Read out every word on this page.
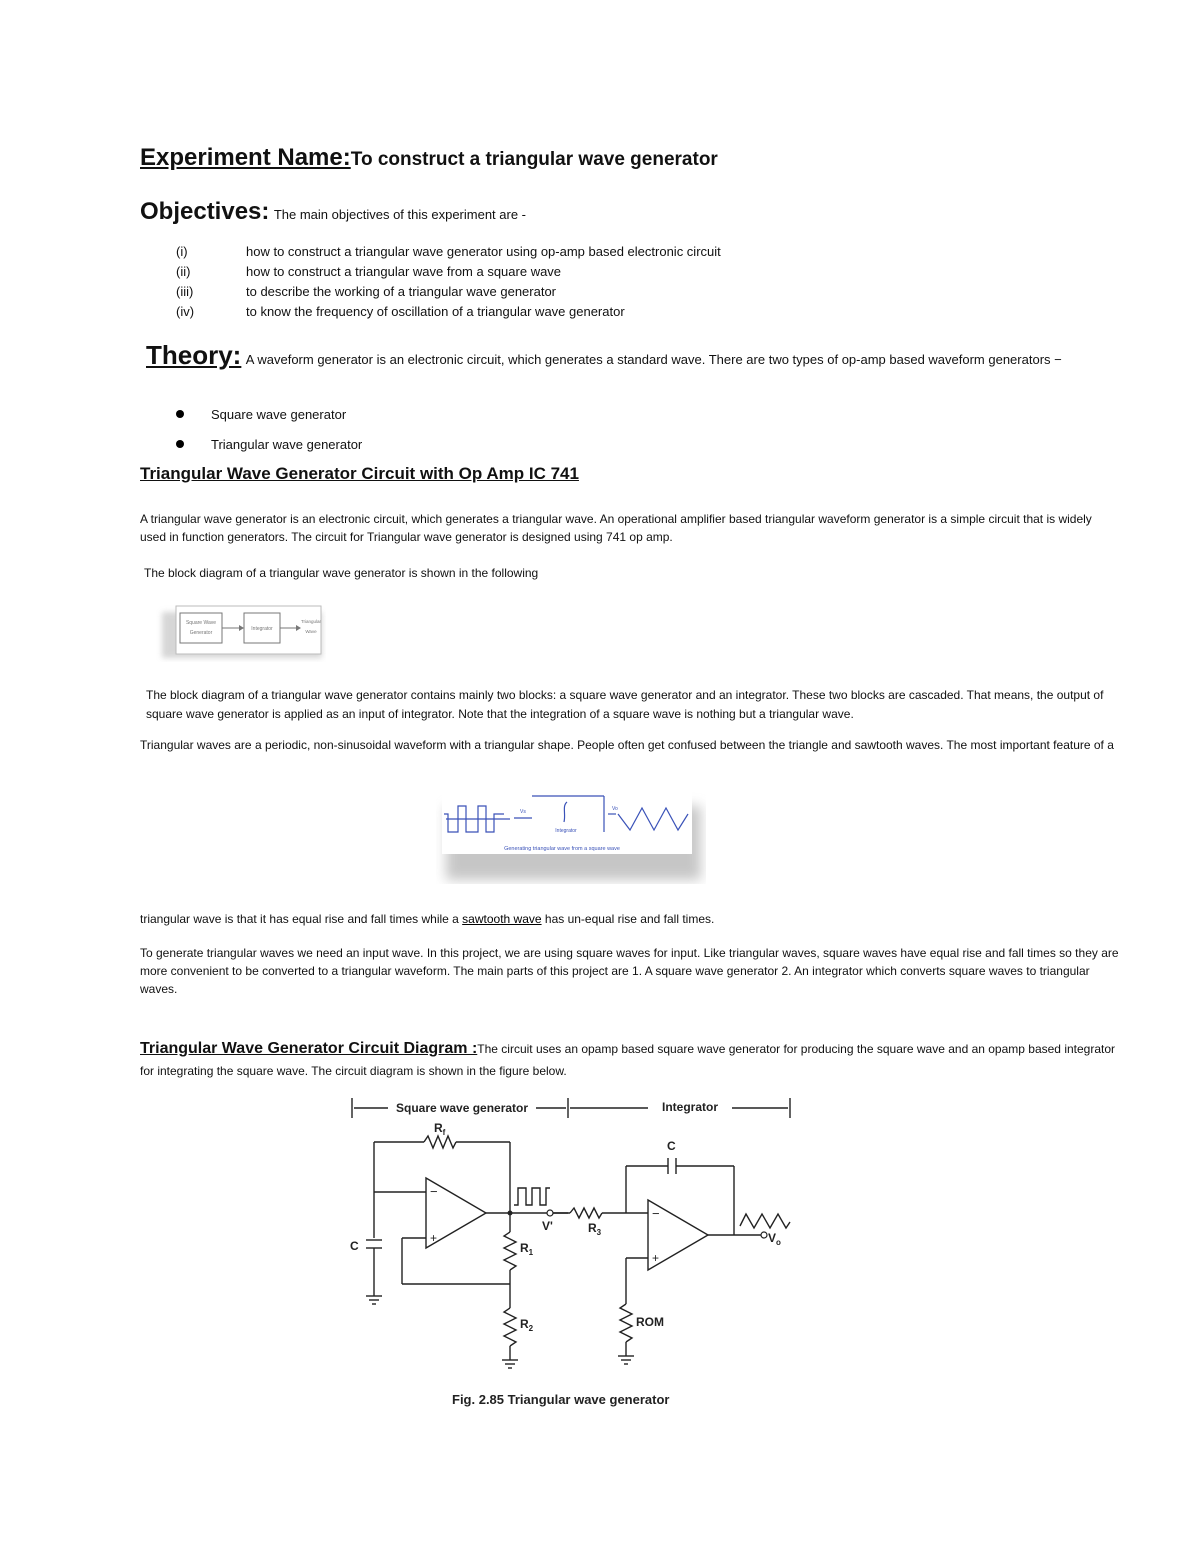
Experiment Name:To construct a triangular wave generator
Objectives: The main objectives of this experiment are -
(i)	how to construct a triangular wave generator using op-amp based electronic circuit
(ii)	how to construct a triangular wave from a square wave
(iii)	to describe the working of a triangular wave generator
(iv)	to know the frequency of oscillation of a triangular wave generator
Theory: A waveform generator is an electronic circuit, which generates a standard wave. There are two types of op-amp based waveform generators −
Square wave generator
Triangular wave generator
Triangular Wave Generator Circuit with Op Amp IC 741
A triangular wave generator is an electronic circuit, which generates a triangular wave. An operational amplifier based triangular waveform generator is a simple circuit that is widely
used in function generators. The circuit for Triangular wave generator is designed using 741 op amp.
The block diagram of a triangular wave generator is shown in the following
Square Wave
Generator
Integrator
Triangular
Wave
The block diagram of a triangular wave generator contains mainly two blocks: a square wave generator and an integrator. These two blocks are cascaded. That means, the output of
square wave generator is applied as an input of integrator. Note that the integration of a square wave is nothing but a triangular wave.
Triangular waves are a periodic, non-sinusoidal waveform with a triangular shape. People often get confused between the triangle and sawtooth waves. The most important feature of a
Vs
Integrator
Vo
Generating triangular wave from a square wave
triangular wave is that it has equal rise and fall times while a sawtooth wave has un-equal rise and fall times.
To generate triangular waves we need an input wave. In this project, we are using square waves for input. Like triangular waves, square waves have equal rise and fall times so they are
more convenient to be converted to a triangular waveform. The main parts of this project are 1. A square wave generator 2. An integrator which converts square waves to triangular
waves.
Triangular Wave Generator Circuit Diagram :The circuit uses an opamp based square wave generator for producing the square wave and an opamp based integrator
for integrating the square wave. The circuit diagram is shown in the figure below.
Square wave generator	Integrator
$R_f$
C	$R_1$
$R_2$
$R_3$
C
V'
ROM
$V_o$
−
+
−
+
Fig. 2.85 Triangular wave generator
